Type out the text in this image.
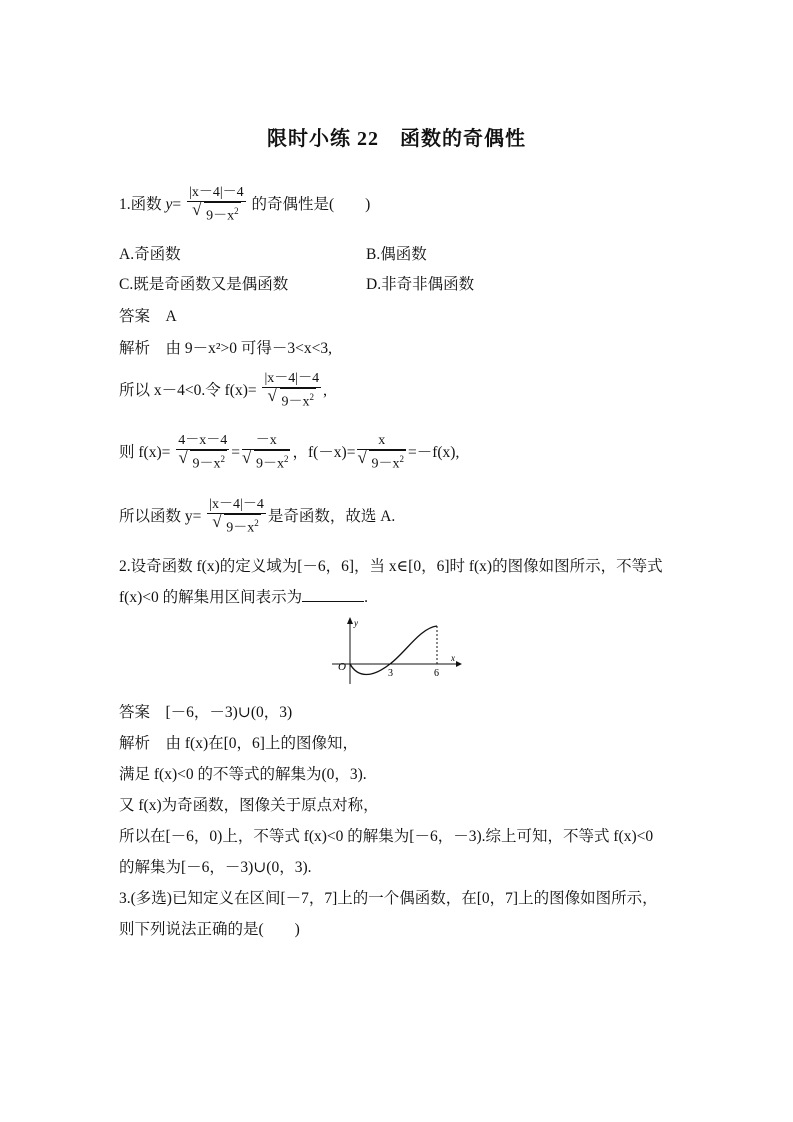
限时小练 22　函数的奇偶性
1.函数 $y= \frac{|x-4|-4}{√ 9-x^2}$ 的奇偶性是(　　)
A.奇函数	B.偶函数
C.既是奇函数又是偶函数	D.非奇非偶函数
答案 A
解析 由 9－x²>0 可得－3<x<3,
所以 x－4<0.令 $f(x)= \frac{|x-4|-4}{√ 9-x^2}$ ,
则 $f(x)= \frac{4-x-4}{√ 9-x^2} = \frac{-x}{√ 9-x^2}$ ，$f(-x)= \frac{x}{√ 9-x^2} =-f(x)$,
所以函数 $y= \frac{|x-4|-4}{√ 9-x^2}$ 是奇函数，故选 A.
2.设奇函数 f(x)的定义域为[－6，6]，当 x∈[0，6]时 f(x)的图像如图所示，不等式
f(x)<0 的解集用区间表示为	.
O
y
x
3	6
答案 [－6，－3)∪(0，3)
解析 由 f(x)在[0，6]上的图像知，
满足 f(x)<0 的不等式的解集为(0，3).
又 f(x)为奇函数，图像关于原点对称，
所以在[－6，0)上，不等式 f(x)<0 的解集为[－6，－3).综上可知，不等式 f(x)<0
的解集为[－6，－3)∪(0，3).
3.(多选)已知定义在区间[－7，7]上的一个偶函数，在[0，7]上的图像如图所示，
则下列说法正确的是(　　)
